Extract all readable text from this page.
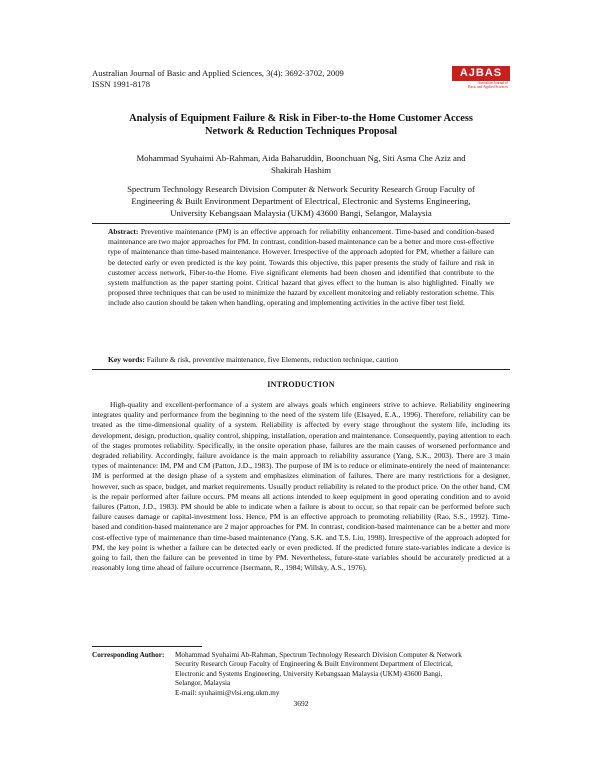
Australian Journal of Basic and Applied Sciences, 3(4): 3692-3702, 2009
ISSN 1991-8178
AJBAS
Australian Journal of
Basic and Applied Sciences
Analysis of Equipment Failure & Risk in Fiber-to-the Home Customer Access
Network & Reduction Techniques Proposal
Mohammad Syuhaimi Ab-Rahman, Aida Baharuddin, Boonchuan Ng, Siti Asma Che Aziz and
Shakirah Hashim
Spectrum Technology Research Division Computer & Network Security Research Group Faculty of
Engineering & Built Environment Department of Electrical, Electronic and Systems Engineering,
University Kebangsaan Malaysia (UKM) 43600 Bangi, Selangor, Malaysia
Abstract: Preventive maintenance (PM) is an effective approach for reliability enhancement. Time-based and condition-based maintenance are two major approaches for PM. In contrast, condition-based maintenance can be a better and more cost-effective type of maintenance than time-based maintenance. However. Irrespective of the approach adopted for PM, whether a failure can be detected early or even predicted is the key point. Towards this objective, this paper presents the study of failure and risk in customer access network, Fiber-to-the Home. Five significant elements had been chosen and identified that contribute to the system malfunction as the paper starting point. Critical hazard that gives effect to the human is also highlighted. Finally we proposed three techniques that can be used to minimize the hazard by excellent monitoring and reliably restoration scheme. This include also caution should be taken when handling, operating and implementing activities in the active fiber test field.
Key words: Failure & risk, preventive maintenance, five Elements, reduction technique, caution
INTRODUCTION
High-quality and excellent-performance of a system are always goals which engineers strive to achieve. Reliability engineering integrates quality and performance from the beginning to the need of the system life (Elsayed, E.A., 1996). Therefore, reliability can be treated as the time-dimensional quality of a system. Reliability is affected by every stage throughout the system life, including its development, design, production, quality control, shipping, installation, operation and maintenance. Consequently, paying attention to each of the stages promotes reliability. Specifically, in the onsite operation phase, failures are the main causes of worsened performance and degraded reliability. Accordingly, failure avoidance is the main approach to reliability assurance (Yang, S.K., 2003). There are 3 main types of maintenance: IM, PM and CM (Patton, J.D., 1983). The purpose of IM is to reduce or eliminate-entirely the need of maintenance: IM is performed at the design phase of a system and emphasizes elimination of failures. There are many restrictions for a designer, however, such as space, budget, and market requirements. Usually product reliability is related to the product price. On the other hand, CM is the repair performed after failure occurs. PM means all actions intended to keep equipment in good operating condition and to avoid failures (Patton, J.D., 1983). PM should be able to indicate when a failure is about to occur, so that repair can be performed before such failure causes damage or capital-investment loss. Hence, PM is an effective approach to promoting reliability (Rao, S.S., 1992). Time-based and condition-based maintenance are 2 major approaches for PM. In contrast, condition-based maintenance can be a better and more cost-effective type of maintenance than time-based maintenance (Yang, S.K. and T.S. Liu, 1998). Irrespective of the approach adopted for PM, the key point is whether a failure can be detected early or even predicted. If the predicted future state-variables indicate a device is going to fail, then the failure can be prevented in time by PM. Nevertheless, future-state variables should be accurately predicted at a reasonably long time ahead of failure occurrence (Isermann, R., 1984; Willsky, A.S., 1976).
Corresponding Author: Mohammad Syuhaimi Ab-Rahman, Spectrum Technology Research Division Computer & Network
Security Research Group Faculty of Engineering & Built Environment Department of Electrical,
Electronic and Systems Engineering, University Kebangsaan Malaysia (UKM) 43600 Bangi,
Selangor, Malaysia
E-mail: syuhaimi@vlsi.eng.ukm.my
3692
